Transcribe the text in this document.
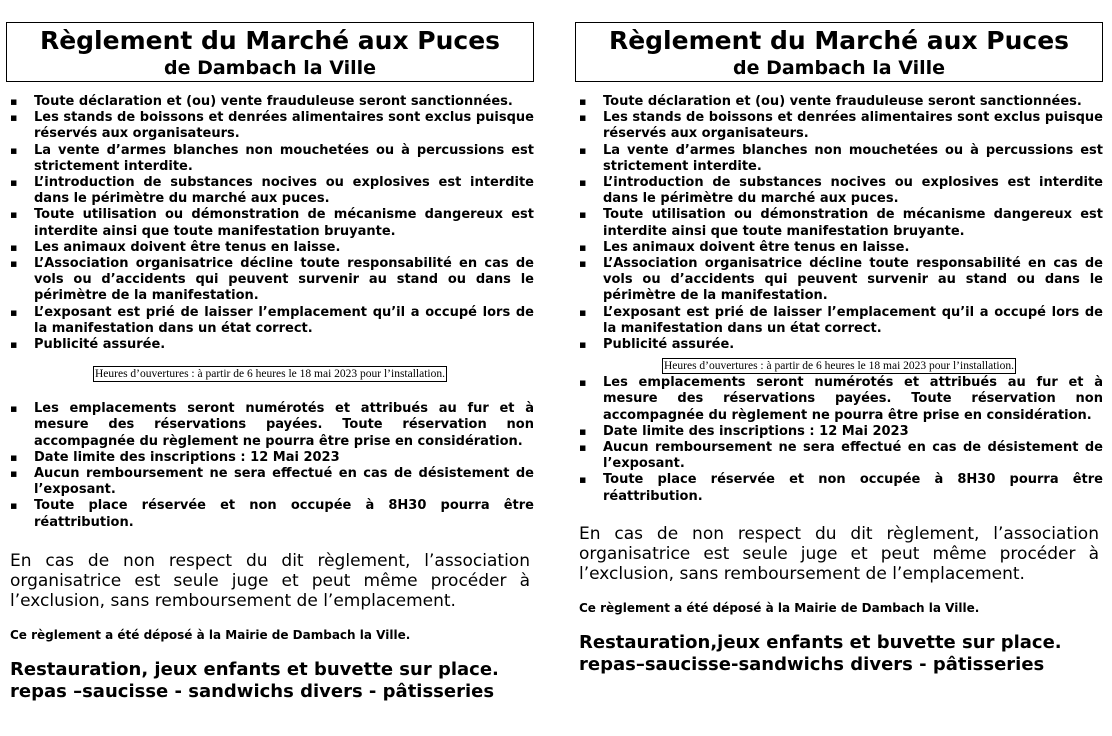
Règlement du Marché aux Puces
de Dambach la Ville
▪ Toute déclaration et (ou) vente frauduleuse seront sanctionnées.
▪ Les stands de boissons et denrées alimentaires sont exclus puisque réservés aux organisateurs.
▪ La vente d’armes blanches non mouchetées ou à percussions est strictement interdite.
▪ L’introduction de substances nocives ou explosives est interdite dans le périmètre du marché aux puces.
▪ Toute utilisation ou démonstration de mécanisme dangereux est interdite ainsi que toute manifestation bruyante.
▪ Les animaux doivent être tenus en laisse.
▪ L’Association organisatrice décline toute responsabilité en cas de vols ou d’accidents qui peuvent survenir au stand ou dans le périmètre de la manifestation.
▪ L’exposant est prié de laisser l’emplacement qu’il a occupé lors de la manifestation dans un état correct.
▪ Publicité assurée.
Heures d’ouvertures : à partir de 6 heures le 18 mai 2023 pour l’installation.
▪ Les emplacements seront numérotés et attribués au fur et à mesure des réservations payées. Toute réservation non accompagnée du règlement ne pourra être prise en considération.
▪ Date limite des inscriptions : 12 Mai 2023
▪ Aucun remboursement ne sera effectué en cas de désistement de l’exposant.
▪ Toute place réservée et non occupée à 8H30 pourra être réattribution.
En cas de non respect du dit règlement, l’association organisatrice est seule juge et peut même procéder à l’exclusion, sans remboursement de l’emplacement.
Ce règlement a été déposé à la Mairie de Dambach la Ville.
Restauration, jeux enfants et buvette sur place.
repas –saucisse - sandwichs divers - pâtisseries
Règlement du Marché aux Puces
de Dambach la Ville
▪ Toute déclaration et (ou) vente frauduleuse seront sanctionnées.
▪ Les stands de boissons et denrées alimentaires sont exclus puisque réservés aux organisateurs.
▪ La vente d’armes blanches non mouchetées ou à percussions est strictement interdite.
▪ L’introduction de substances nocives ou explosives est interdite dans le périmètre du marché aux puces.
▪ Toute utilisation ou démonstration de mécanisme dangereux est interdite ainsi que toute manifestation bruyante.
▪ Les animaux doivent être tenus en laisse.
▪ L’Association organisatrice décline toute responsabilité en cas de vols ou d’accidents qui peuvent survenir au stand ou dans le périmètre de la manifestation.
▪ L’exposant est prié de laisser l’emplacement qu’il a occupé lors de la manifestation dans un état correct.
▪ Publicité assurée.
Heures d’ouvertures : à partir de 6 heures le 18 mai 2023 pour l’installation.
▪ Les emplacements seront numérotés et attribués au fur et à mesure des réservations payées. Toute réservation non accompagnée du règlement ne pourra être prise en considération.
▪ Date limite des inscriptions : 12 Mai 2023
▪ Aucun remboursement ne sera effectué en cas de désistement de l’exposant.
▪ Toute place réservée et non occupée à 8H30 pourra être réattribution.
En cas de non respect du dit règlement, l’association organisatrice est seule juge et peut même procéder à l’exclusion, sans remboursement de l’emplacement.
Ce règlement a été déposé à la Mairie de Dambach la Ville.
Restauration,jeux enfants et buvette sur place.
repas–saucisse-sandwichs divers - pâtisseries
